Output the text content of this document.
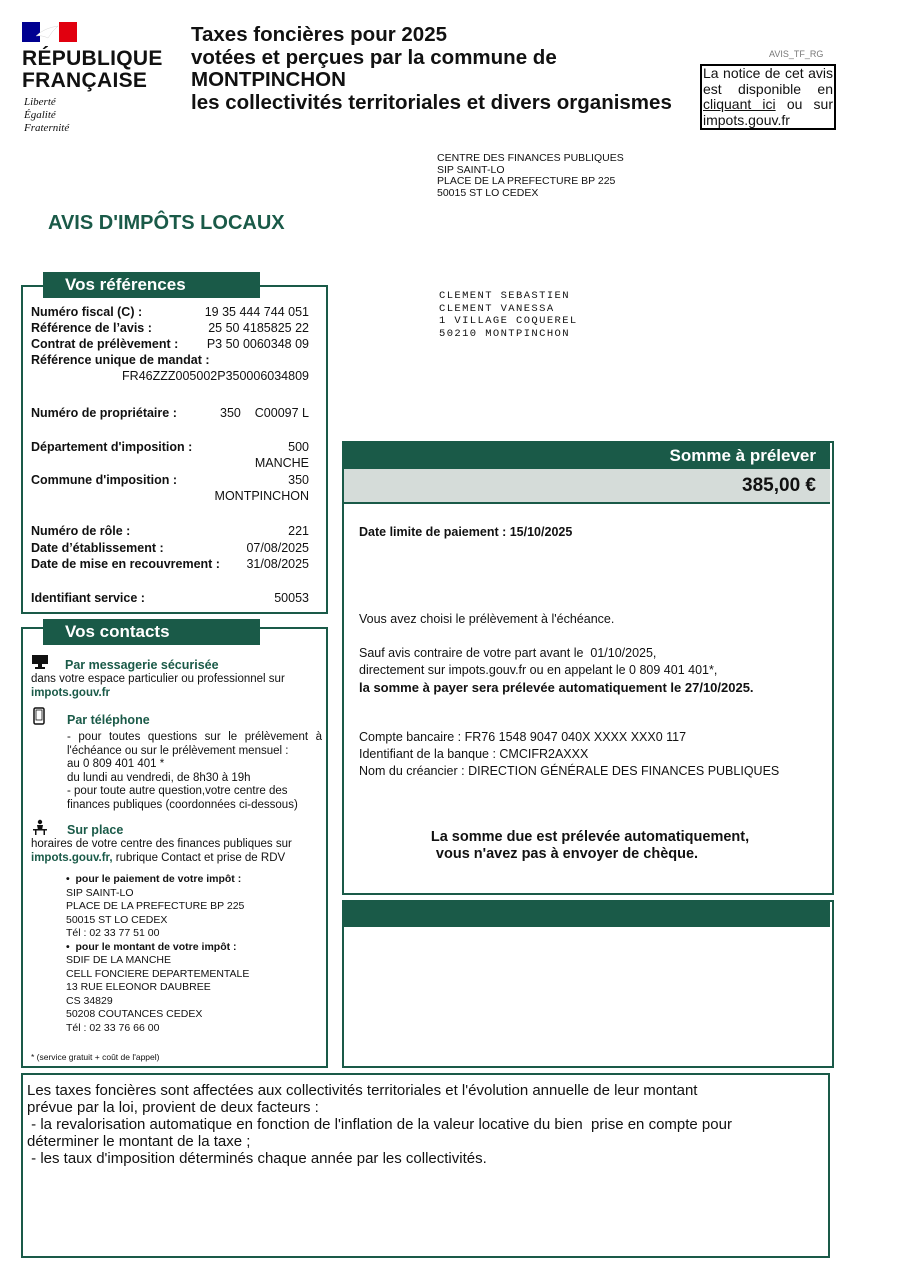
RÉPUBLIQUE
FRANÇAISE
Liberté
Égalité
Fraternité
Taxes foncières pour 2025
votées et perçues par la commune de
MONTPINCHON
les collectivités territoriales et divers organismes
AVIS_TF_RG
La notice de cet avis est disponible en cliquant ici ou sur impots.gouv.fr
CENTRE DES FINANCES PUBLIQUES
SIP SAINT-LO
PLACE DE LA PREFECTURE BP 225
50015 ST LO CEDEX
AVIS D'IMPÔTS LOCAUX
CLEMENT SEBASTIEN
CLEMENT VANESSA
1 VILLAGE COQUEREL
50210 MONTPINCHON
Vos références
Numéro fiscal (C) :	19 35 444 744 051
Référence de l’avis :	25 50 4185825 22
Contrat de prélèvement : P3 50 0060348 09
Référence unique de mandat :
FR46ZZZ005002P350006034809
Numéro de propriétaire :	350    C00097 L
Département d'imposition :	500
MANCHE
Commune d'imposition :	350
MONTPINCHON
Numéro de rôle :	221
Date d’établissement :	07/08/2025
Date de mise en recouvrement : 31/08/2025
Identifiant service :	50053
Vos contacts
Par messagerie sécurisée
dans votre espace particulier ou professionnel sur
impots.gouv.fr
Par téléphone
- pour toutes questions sur le prélèvement à
l'échéance ou sur le prélèvement mensuel :
au 0 809 401 401 *
du lundi au vendredi, de 8h30 à 19h
- pour toute autre question,votre centre des
finances publiques (coordonnées ci-dessous)
Sur place
horaires de votre centre des finances publiques sur
impots.gouv.fr, rubrique Contact et prise de RDV
•  pour le paiement de votre impôt :
SIP SAINT-LO
PLACE DE LA PREFECTURE BP 225
50015 ST LO CEDEX
Tél : 02 33 77 51 00
•  pour le montant de votre impôt :
SDIF DE LA MANCHE
CELL FONCIERE DEPARTEMENTALE
13 RUE ELEONOR DAUBREE
CS 34829
50208 COUTANCES CEDEX
Tél : 02 33 76 66 00
* (service gratuit + coût de l'appel)
Somme à prélever
385,00 €
Date limite de paiement : 15/10/2025
Vous avez choisi le prélèvement à l'échéance.
Sauf avis contraire de votre part avant le  01/10/2025,
directement sur impots.gouv.fr ou en appelant le 0 809 401 401*,
la somme à payer sera prélevée automatiquement le 27/10/2025.
Compte bancaire : FR76 1548 9047 040X XXXX XXX0 117
Identifiant de la banque : CMCIFR2AXXX
Nom du créancier : DIRECTION GÉNÉRALE DES FINANCES PUBLIQUES
La somme due est prélevée automatiquement,
vous n'avez pas à envoyer de chèque.
Les taxes foncières sont affectées aux collectivités territoriales et l'évolution annuelle de leur montant
prévue par la loi, provient de deux facteurs :
- la revalorisation automatique en fonction de l'inflation de la valeur locative du bien  prise en compte pour
déterminer le montant de la taxe ;
- les taux d'imposition déterminés chaque année par les collectivités.
